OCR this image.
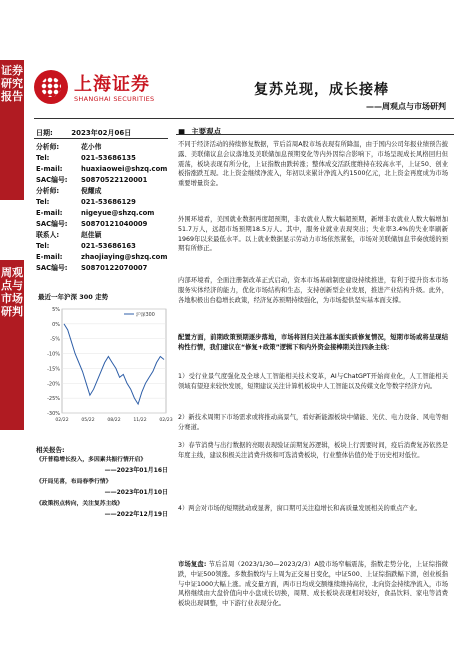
证券研究报告
周观点与市场研判
上海证券
SHANGHAI SECURITIES
复苏兑现，成长接棒
——周观点与市场研判
日期:	2023年02月06日
分析师:	花小伟
Tel:	021-53686135
E-mail:	huaxiaowei@shzq.com
SAC编号: S0870522120001
分析师:	倪耀成
Tel:	021-53686129
E-mail:	nigeyue@shzq.com
SAC编号: S0870121040009
联系人:	赵佳颖
Tel:	021-53686163
E-mail:	zhaojiaying@shzq.com
SAC编号: S0870122070007
最近一年沪深 300 走势
5%
0%
-5%
-10%
-15%
-20%
-25%
-30%
02/22	05/22	08/22	11/22	02/23
沪深300
相关报告:
《开普稳增长投入，多因素共振行情开启》
——2023年01月16日
《开局见喜，布局春季行情》
——2023年01月10日
《政策拐点转向，关注复苏主线》
——2022年12月19日
■ 主要观点
不同于经济活动的持续修复数据，节后首周A股市场表现有所降温，由于国内公司年报业绩预告披露、美联储议息会议落地及美联储加息预期变化等内外因综合影响下，市场呈现成长风格回归但震荡，板块表现有所分化，上证指数由跌转涨；整体成交活跃度维持在较高水平，上证50、创业板指涨跌互现。北上资金继续净流入，年初以来累计净流入约1500亿元，北上资金再度成为市场重要增量资金。
外围环境看，美国就业数据再度超预期，非农就业人数大幅超预期，新增非农就业人数大幅增加51.7万人，远超市场预期18.5万人。其中，服务业就业表现突出；失业率3.4%的失业率刷新1969年以来最低水平。以上就业数据显示劳动力市场依然紧张，市场对美联储加息节奏放缓的预期有所修正。
内部环境看，全面注册制改革正式启动，资本市场基础制度建设持续推进，有利于提升资本市场服务实体经济的能力，优化市场结构和生态，支持创新型企业发展，推进产业结构升级。此外，各地积极出台稳增长政策，经济复苏预期持续强化，为市场提供坚实基本面支撑。
配置方面，前期政策预期逐步落地，市场将回归关注基本面实质修复情况，短期市场或将呈现结构性行情，我们建议在“修复+政策”逻辑下和内外资金接棒期关注四条主线：
1）受行业景气度强化及全球人工智能相关技术变革，AI与ChatGPT开始商业化，人工智能相关领域有望迎来较快发展，短期建议关注计算机板块中人工智能以及传媒文化等数字经济方向。
2）新技术周期下市场需求或将推动高景气，看好新能源板块中储能、光伏、电力设备、风电等细分赛道。
3）春节消费与出行数据的亮眼表现验证前期复苏逻辑，板块上行需要时间，疫后消费复苏依然是年度主线，建议积极关注消费升级和可选消费板块，行业整体估值仍处于历史相对低位。
4）两会对市场的短期扰动或显著，窗口期可关注稳增长和高质量发展相关的重点产业。
市场复盘: 节后首周（2023/1/30—2023/2/3）A股市场窄幅震荡，指数走势分化，上证综指微跌，中证500领涨。多数指数均与上周为正交易日变化，中证500、上证综指跌幅下滑，创业板指与中证1000大幅上涨。成交量方面，两市日均成交额继续维持高位，北向资金持续净流入，市场风格继续由大盘价值向中小盘成长切换，周期、成长板块表现相对较好，食品饮料、家电等消费板块出现调整，中下游行业表现分化。
